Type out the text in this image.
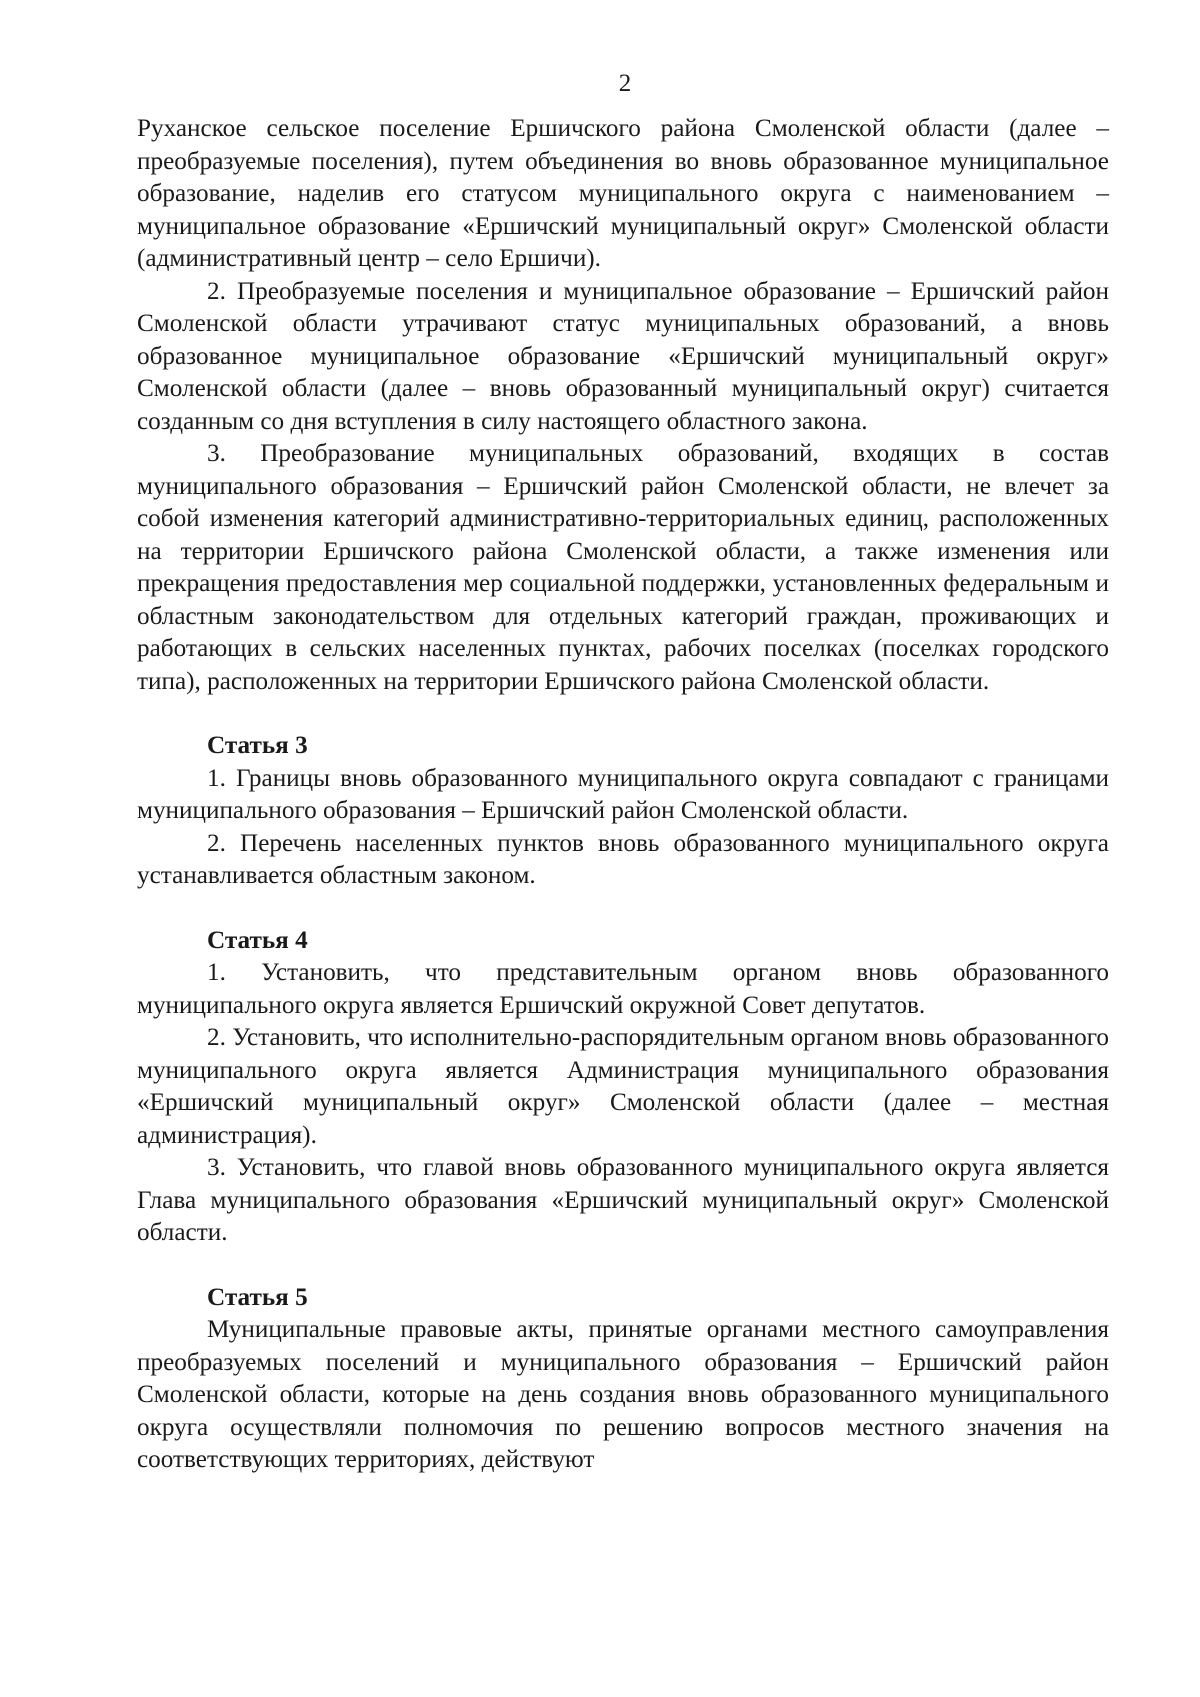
2

Руханское сельское поселение Ершичского района Смоленской области (далее – преобразуемые поселения), путем объединения во вновь образованное муниципальное образование, наделив его статусом муниципального округа с наименованием – муниципальное образование «Ершичский муниципальный округ» Смоленской области (административный центр – село Ершичи).

2. Преобразуемые поселения и муниципальное образование – Ершичский район Смоленской области утрачивают статус муниципальных образований, а вновь образованное муниципальное образование «Ершичский муниципальный округ» Смоленской области (далее – вновь образованный муниципальный округ) считается созданным со дня вступления в силу настоящего областного закона.

3. Преобразование муниципальных образований, входящих в состав муниципального образования – Ершичский район Смоленской области, не влечет за собой изменения категорий административно-территориальных единиц, расположенных на территории Ершичского района Смоленской области, а также изменения или прекращения предоставления мер социальной поддержки, установленных федеральным и областным законодательством для отдельных категорий граждан, проживающих и работающих в сельских населенных пунктах, рабочих поселках (поселках городского типа), расположенных на территории Ершичского района Смоленской области.

Статья 3

1. Границы вновь образованного муниципального округа совпадают с границами муниципального образования – Ершичский район Смоленской области.

2. Перечень населенных пунктов вновь образованного муниципального округа устанавливается областным законом.

Статья 4

1. Установить, что представительным органом вновь образованного муниципального округа является Ершичский окружной Совет депутатов.

2. Установить, что исполнительно-распорядительным органом вновь образованного муниципального округа является Администрация муниципального образования «Ершичский муниципальный округ» Смоленской области (далее – местная администрация).

3. Установить, что главой вновь образованного муниципального округа является Глава муниципального образования «Ершичский муниципальный округ» Смоленской области.

Статья 5

Муниципальные правовые акты, принятые органами местного самоуправления преобразуемых поселений и муниципального образования – Ершичский район Смоленской области, которые на день создания вновь образованного муниципального округа осуществляли полномочия по решению вопросов местного значения на соответствующих территориях, действуют
